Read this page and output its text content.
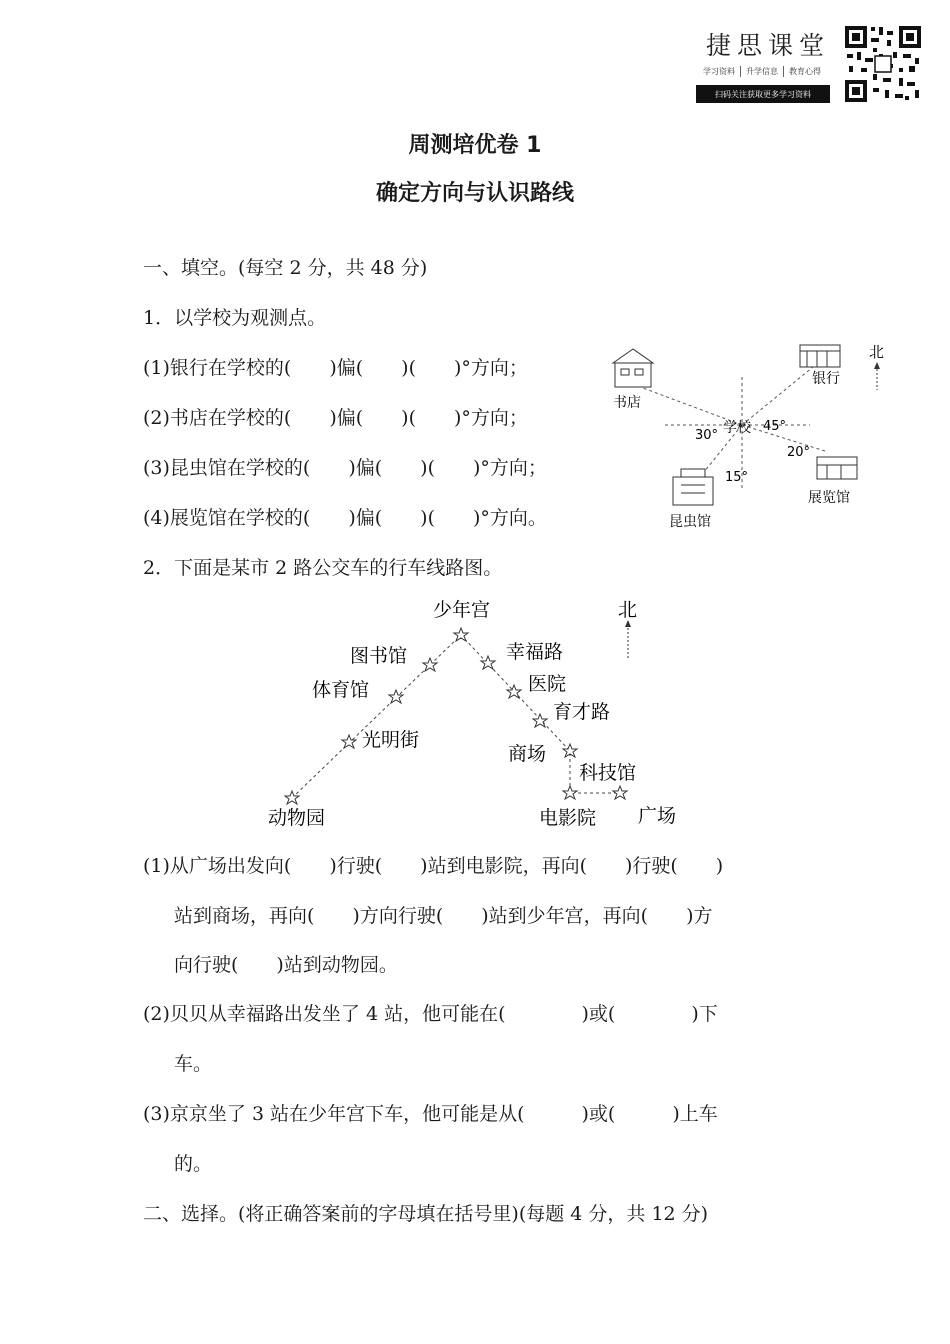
捷思课堂
学习资料	升学信息	教育心得
扫码关注获取更多学习资料
周测培优卷 1
确定方向与认识路线
一、填空。(每空 2 分，共 48 分)
1．以学校为观测点。
(1)银行在学校的(　　)偏(　　)(　　)°方向；
(2)书店在学校的(　　)偏(　　)(　　)°方向；
(3)昆虫馆在学校的(　　)偏(　　)(　　)°方向；
(4)展览馆在学校的(　　)偏(　　)(　　)°方向。
北
学校
银行
书店
昆虫馆
展览馆
45°
30°
20°
15°
2．下面是某市 2 路公交车的行车线路图。
北
少年宫
图书馆
体育馆
光明街
动物园
幸福路
医院
育才路
商场
电影院
科技馆
广场
(1)从广场出发向(　　)行驶(　　)站到电影院，再向(　　)行驶(　　)
站到商场，再向(　　)方向行驶(　　)站到少年宫，再向(　　)方
向行驶(　　)站到动物园。
(2)贝贝从幸福路出发坐了 4 站，他可能在(　　　　)或(　　　　)下
车。
(3)京京坐了 3 站在少年宫下车，他可能是从(　　　)或(　　　)上车
的。
二、选择。(将正确答案前的字母填在括号里)(每题 4 分，共 12 分)
